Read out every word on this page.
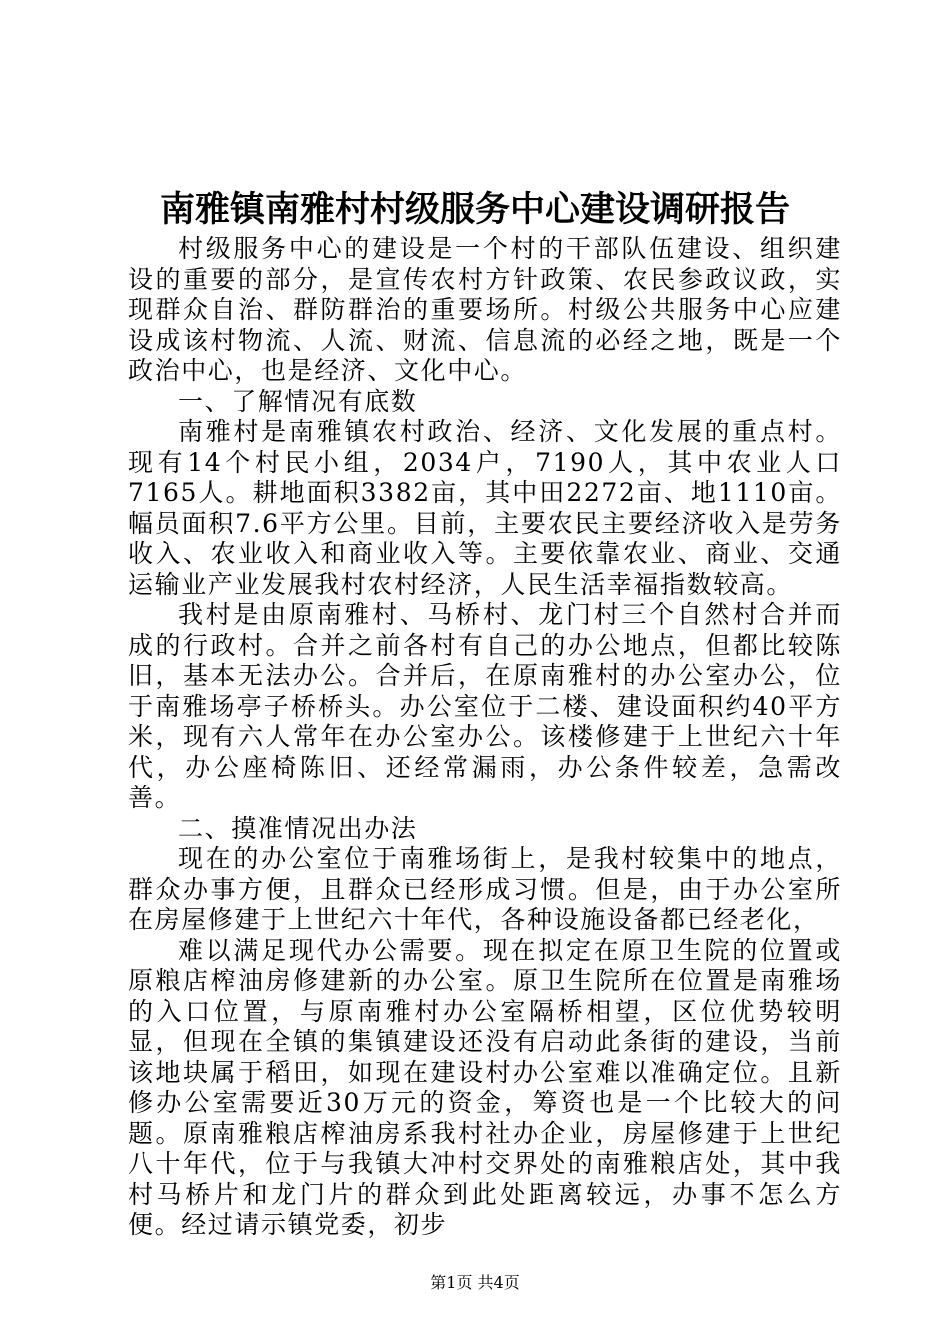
南雅镇南雅村村级服务中心建设调研报告

村级服务中心的建设是一个村的干部队伍建设、组织建设的重要的部分，是宣传农村方针政策、农民参政议政，实现群众自治、群防群治的重要场所。村级公共服务中心应建设成该村物流、人流、财流、信息流的必经之地，既是一个政治中心，也是经济、文化中心。

一、了解情况有底数

南雅村是南雅镇农村政治、经济、文化发展的重点村。现有14个村民小组，2034户，7190人，其中农业人口7165人。耕地面积3382亩，其中田2272亩、地1110亩。幅员面积7.6平方公里。目前，主要农民主要经济收入是劳务收入、农业收入和商业收入等。主要依靠农业、商业、交通运输业产业发展我村农村经济，人民生活幸福指数较高。

我村是由原南雅村、马桥村、龙门村三个自然村合并而成的行政村。合并之前各村有自己的办公地点，但都比较陈旧，基本无法办公。合并后，在原南雅村的办公室办公，位于南雅场亭子桥桥头。办公室位于二楼、建设面积约40平方米，现有六人常年在办公室办公。该楼修建于上世纪六十年代，办公座椅陈旧、还经常漏雨，办公条件较差，急需改善。

二、摸准情况出办法

现在的办公室位于南雅场街上，是我村较集中的地点，群众办事方便，且群众已经形成习惯。但是，由于办公室所在房屋修建于上世纪六十年代，各种设施设备都已经老化，

难以满足现代办公需要。现在拟定在原卫生院的位置或原粮店榨油房修建新的办公室。原卫生院所在位置是南雅场的入口位置，与原南雅村办公室隔桥相望，区位优势较明显，但现在全镇的集镇建设还没有启动此条街的建设，当前该地块属于稻田，如现在建设村办公室难以准确定位。且新修办公室需要近30万元的资金，筹资也是一个比较大的问题。原南雅粮店榨油房系我村社办企业，房屋修建于上世纪八十年代，位于与我镇大冲村交界处的南雅粮店处，其中我村马桥片和龙门片的群众到此处距离较远，办事不怎么方便。经过请示镇党委，初步

第1页 共4页
